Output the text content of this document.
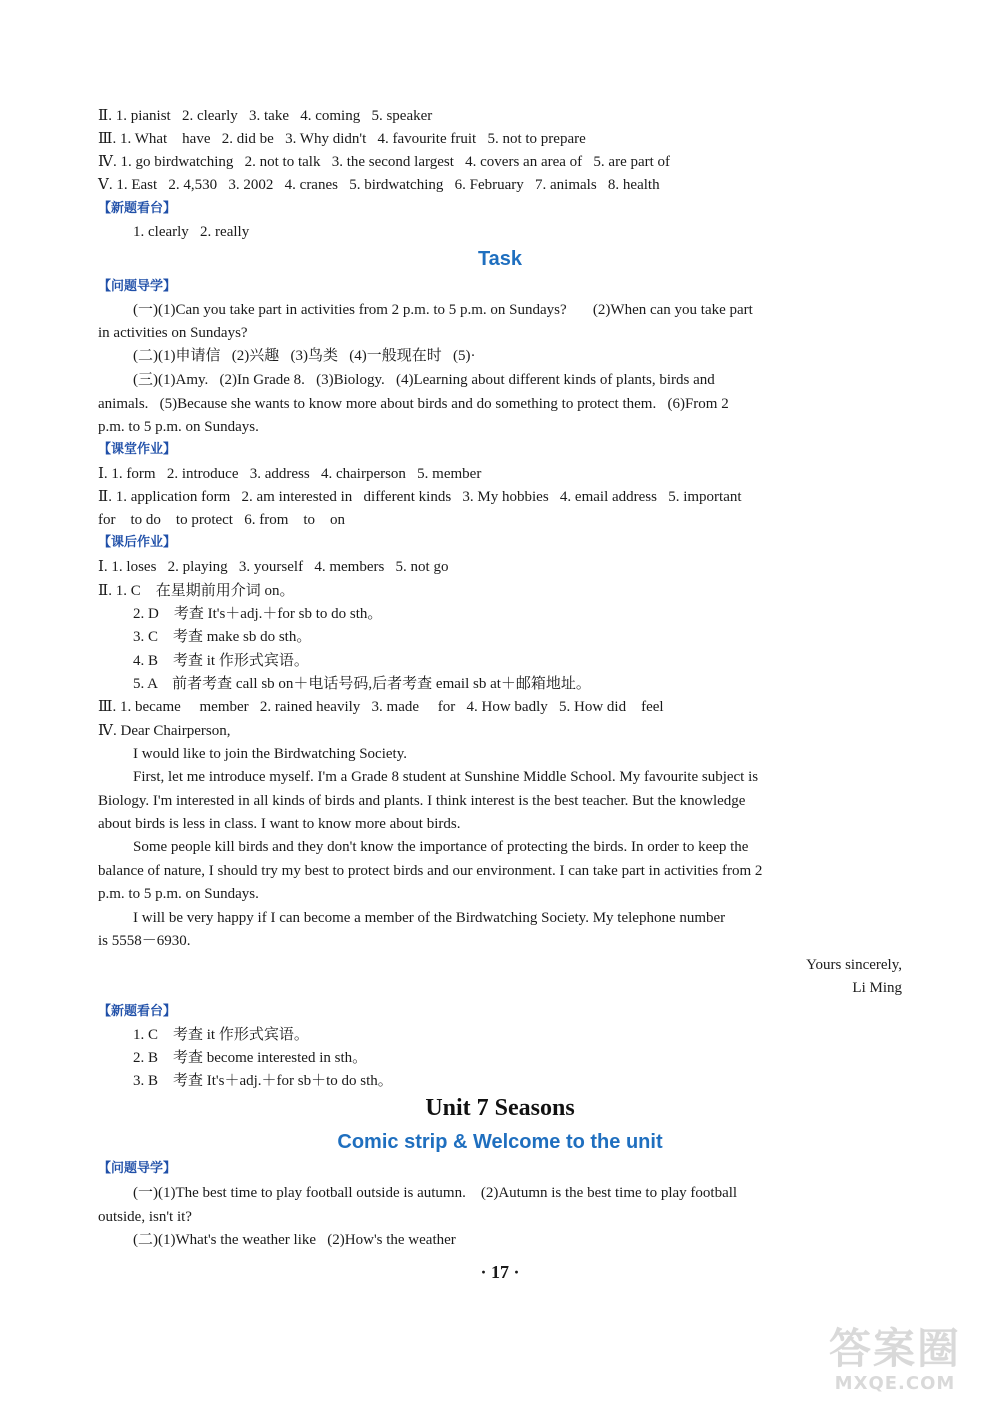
Ⅱ. 1. pianist   2. clearly   3. take   4. coming   5. speaker
Ⅲ. 1. What    have   2. did be   3. Why didn't   4. favourite fruit   5. not to prepare
Ⅳ. 1. go birdwatching   2. not to talk   3. the second largest   4. covers an area of   5. are part of
Ⅴ. 1. East   2. 4,530   3. 2002   4. cranes   5. birdwatching   6. February   7. animals   8. health
【新题看台】
1. clearly   2. really
Task
【问题导学】
(一)(1)Can you take part in activities from 2 p.m. to 5 p.m. on Sundays?       (2)When can you take part
in activities on Sundays?
(二)(1)申请信   (2)兴趣   (3)鸟类   (4)一般现在时   (5)·
(三)(1)Amy.   (2)In Grade 8.   (3)Biology.   (4)Learning about different kinds of plants, birds and
animals.   (5)Because she wants to know more about birds and do something to protect them.   (6)From 2
p.m. to 5 p.m. on Sundays.
【课堂作业】
Ⅰ. 1. form   2. introduce   3. address   4. chairperson   5. member
Ⅱ. 1. application form   2. am interested in   different kinds   3. My hobbies   4. email address   5. important
for    to do    to protect   6. from    to    on
【课后作业】
Ⅰ. 1. loses   2. playing   3. yourself   4. members   5. not go
Ⅱ. 1. C    在星期前用介词 on。
2. D    考查 It's＋adj.＋for sb to do sth。
3. C    考查 make sb do sth。
4. B    考查 it 作形式宾语。
5. A    前者考查 call sb on＋电话号码,后者考查 email sb at＋邮箱地址。
Ⅲ. 1. became     member   2. rained heavily   3. made     for   4. How badly   5. How did    feel
Ⅳ. Dear Chairperson,
I would like to join the Birdwatching Society.
First, let me introduce myself. I'm a Grade 8 student at Sunshine Middle School. My favourite subject is
Biology. I'm interested in all kinds of birds and plants. I think interest is the best teacher. But the knowledge
about birds is less in class. I want to know more about birds.
Some people kill birds and they don't know the importance of protecting the birds. In order to keep the
balance of nature, I should try my best to protect birds and our environment. I can take part in activities from 2
p.m. to 5 p.m. on Sundays.
I will be very happy if I can become a member of the Birdwatching Society. My telephone number
is 5558－6930.
Yours sincerely,
Li Ming
【新题看台】
1. C    考查 it 作形式宾语。
2. B    考查 become interested in sth。
3. B    考查 It's＋adj.＋for sb＋to do sth。
Unit 7 Seasons
Comic strip & Welcome to the unit
【问题导学】
(一)(1)The best time to play football outside is autumn.    (2)Autumn is the best time to play football
outside, isn't it?
(二)(1)What's the weather like   (2)How's the weather
· 17 ·
答案圈
MXQE.COM
